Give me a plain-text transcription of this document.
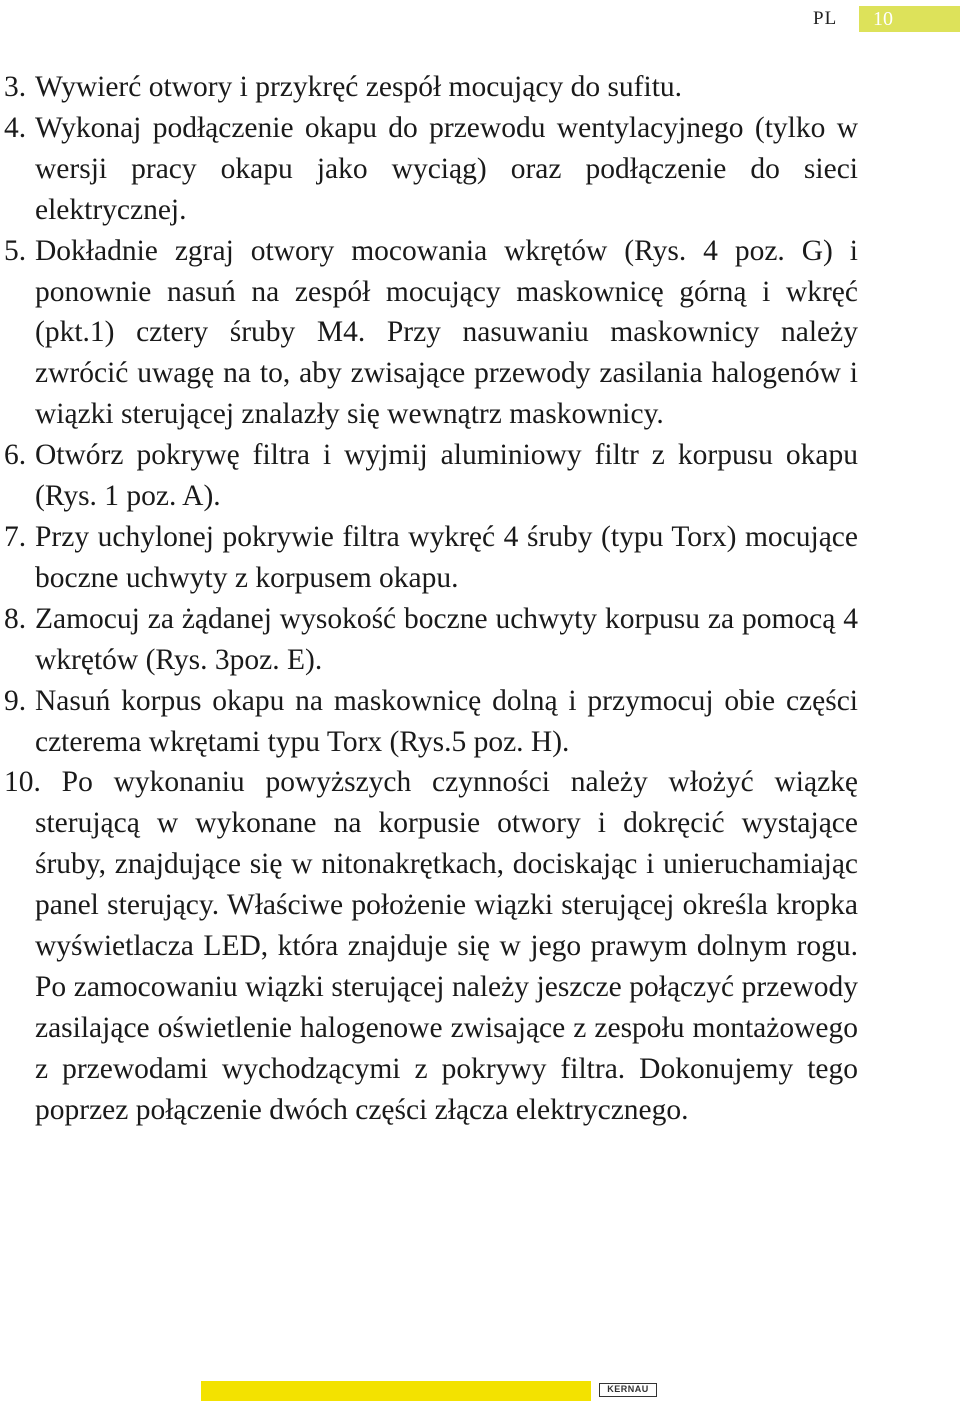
PL 10
3. Wywierć otwory i przykręć zespół mocujący do sufitu.
4. Wykonaj podłączenie okapu do przewodu wentylacyjnego (tylko w wersji pracy okapu jako wyciąg) oraz podłączenie do sieci elektrycznej.
5. Dokładnie zgraj otwory mocowania wkrętów (Rys. 4 poz. G) i ponownie nasuń na zespół mocujący maskownicę górną i wkręć (pkt.1) cztery śruby M4. Przy nasuwaniu maskownicy należy zwrócić uwagę na to, aby zwisające przewody zasilania halogenów i wiązki sterującej znalazły się wewnątrz maskownicy.
6. Otwórz pokrywę filtra i wyjmij aluminiowy filtr z korpusu okapu (Rys. 1 poz. A).
7. Przy uchylonej pokrywie filtra wykręć 4 śruby (typu Torx) mocujące boczne uchwyty z korpusem okapu.
8. Zamocuj za żądanej wysokość boczne uchwyty korpusu za pomocą 4 wkrętów (Rys. 3poz. E).
9. Nasuń korpus okapu na maskownicę dolną i przymocuj obie części czterema wkrętami typu Torx (Rys.5 poz. H).
10. Po wykonaniu powyższych czynności należy włożyć wiązkę sterującą w wykonane na korpusie otwory i dokręcić wystające śruby, znajdujące się w nitonakrętkach, dociskając i unieruchamiając panel sterujący. Właściwe położenie wiązki sterującej określa kropka wyświetlacza LED, która znajduje się w jego prawym dolnym rogu. Po zamocowaniu wiązki sterującej należy jeszcze połączyć przewody zasilające oświetlenie halogenowe zwisające z zespołu montażowego z przewodami wychodzącymi z pokrywy filtra. Dokonujemy tego poprzez połączenie dwóch części złącza elektrycznego.
KERNAU
